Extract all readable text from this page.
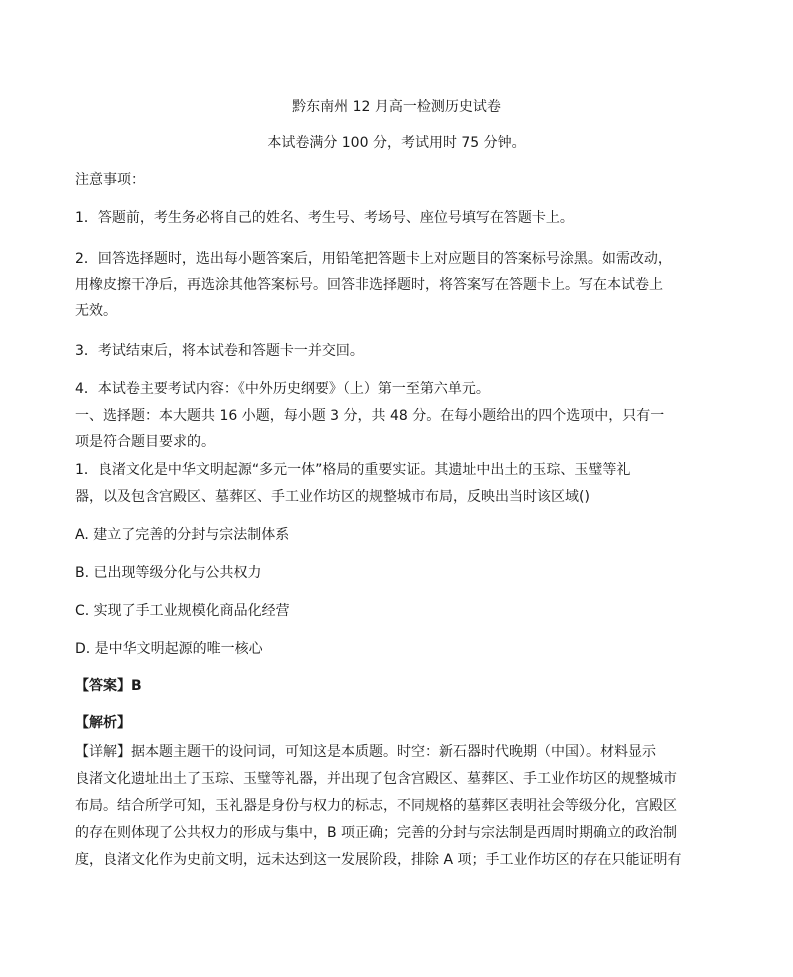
黔东南州 12 月高一检测历史试卷
本试卷满分 100 分，考试用时 75 分钟。
注意事项：
1．答题前，考生务必将自己的姓名、考生号、考场号、座位号填写在答题卡上。
2．回答选择题时，选出每小题答案后，用铅笔把答题卡上对应题目的答案标号涂黑。如需改动，
用橡皮擦干净后，再选涂其他答案标号。回答非选择题时，将答案写在答题卡上。写在本试卷上
无效。
3．考试结束后，将本试卷和答题卡一并交回。
4．本试卷主要考试内容：《中外历史纲要》（上）第一至第六单元。
一、选择题：本大题共 16 小题，每小题 3 分，共 48 分。在每小题给出的四个选项中，只有一
项是符合题目要求的。
1．良渚文化是中华文明起源“多元一体”格局的重要实证。其遗址中出土的玉琮、玉璧等礼
器，以及包含宫殿区、墓葬区、手工业作坊区的规整城市布局，反映出当时该区域()
A. 建立了完善的分封与宗法制体系
B. 已出现等级分化与公共权力
C. 实现了手工业规模化商品化经营
D. 是中华文明起源的唯一核心
【答案】B
【解析】
【详解】据本题主题干的设问词，可知这是本质题。时空：新石器时代晚期（中国）。材料显示
良渚文化遗址出土了玉琮、玉璧等礼器，并出现了包含宫殿区、墓葬区、手工业作坊区的规整城市
布局。结合所学可知，玉礼器是身份与权力的标志，不同规格的墓葬区表明社会等级分化，宫殿区
的存在则体现了公共权力的形成与集中，B 项正确；完善的分封与宗法制是西周时期确立的政治制
度，良渚文化作为史前文明，远未达到这一发展阶段，排除 A 项；手工业作坊区的存在只能证明有
